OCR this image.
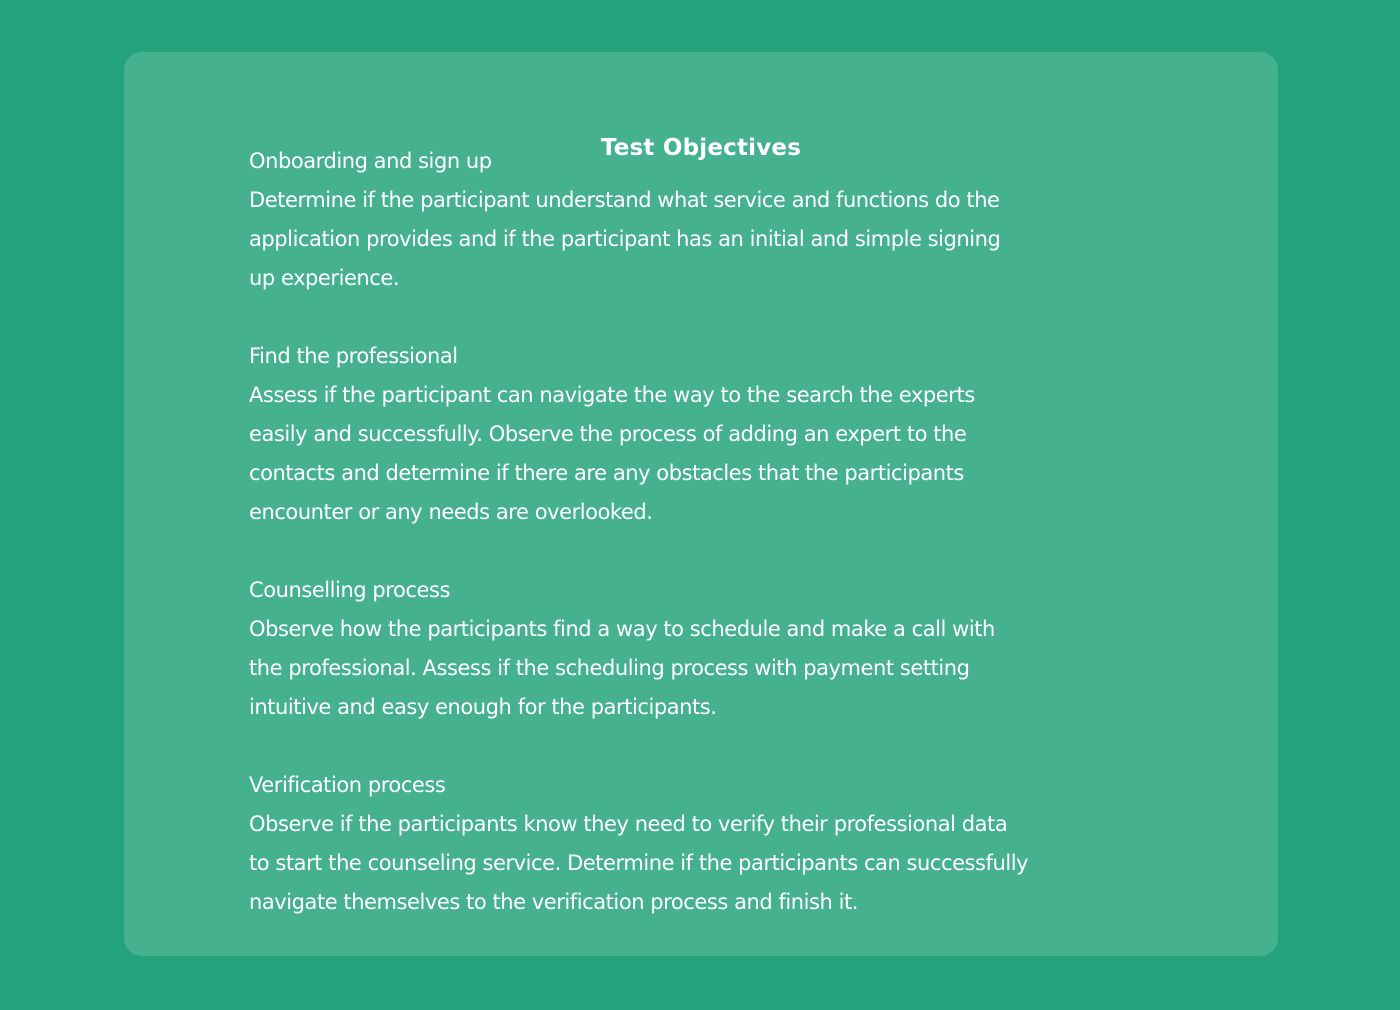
Test Objectives
Onboarding and sign up

Determine if the participant understand what service and functions do the
application provides and if the participant has an initial and simple signing
up experience.

Find the professional

Assess if the participant can navigate the way to the search the experts
easily and successfully. Observe the process of adding an expert to the
contacts and determine if there are any obstacles that the participants
encounter or any needs are overlooked.

Counselling process

Observe how the participants find a way to schedule and make a call with
the professional. Assess if the scheduling process with payment setting
intuitive and easy enough for the participants.

Verification process

Observe if the participants know they need to verify their professional data
to start the counseling service. Determine if the participants can successfully
navigate themselves to the verification process and finish it.
